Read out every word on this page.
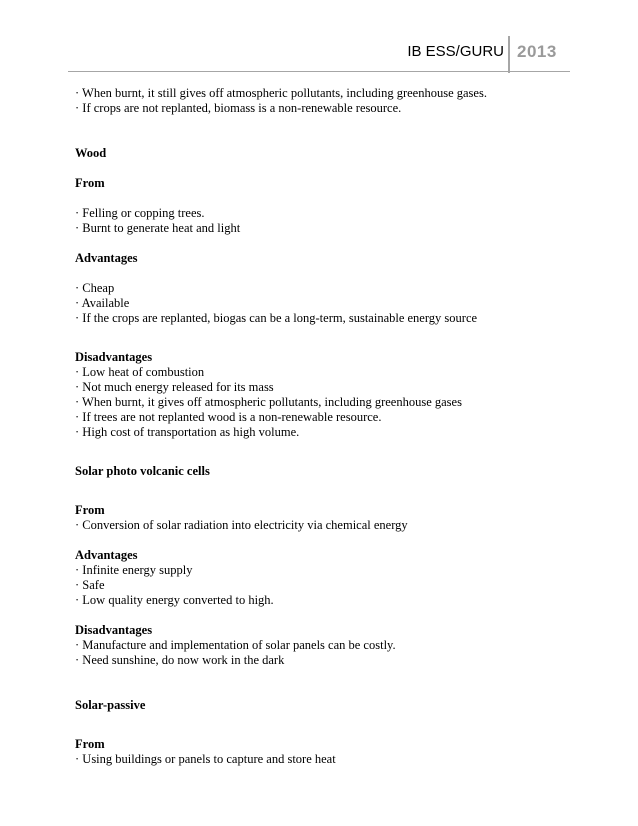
IB ESS/GURU 2013

· When burnt, it still gives off atmospheric pollutants, including greenhouse gases.

· If crops are not replanted, biomass is a non-renewable resource.

Wood
From

· Felling or copping trees.

· Burnt to generate heat and light

Advantages

· Cheap

· Available

· If the crops are replanted, biogas can be a long-term, sustainable energy source

Disadvantages

· Low heat of combustion

· Not much energy released for its mass

· When burnt, it gives off atmospheric pollutants, including greenhouse gases

· If trees are not replanted wood is a non-renewable resource.

· High cost of transportation as high volume.

Solar photo volcanic cells
From

· Conversion of solar radiation into electricity via chemical energy

Advantages

· Infinite energy supply

· Safe

· Low quality energy converted to high.

Disadvantages

· Manufacture and implementation of solar panels can be costly.

· Need sunshine, do now work in the dark

Solar-passive
From

· Using buildings or panels to capture and store heat
